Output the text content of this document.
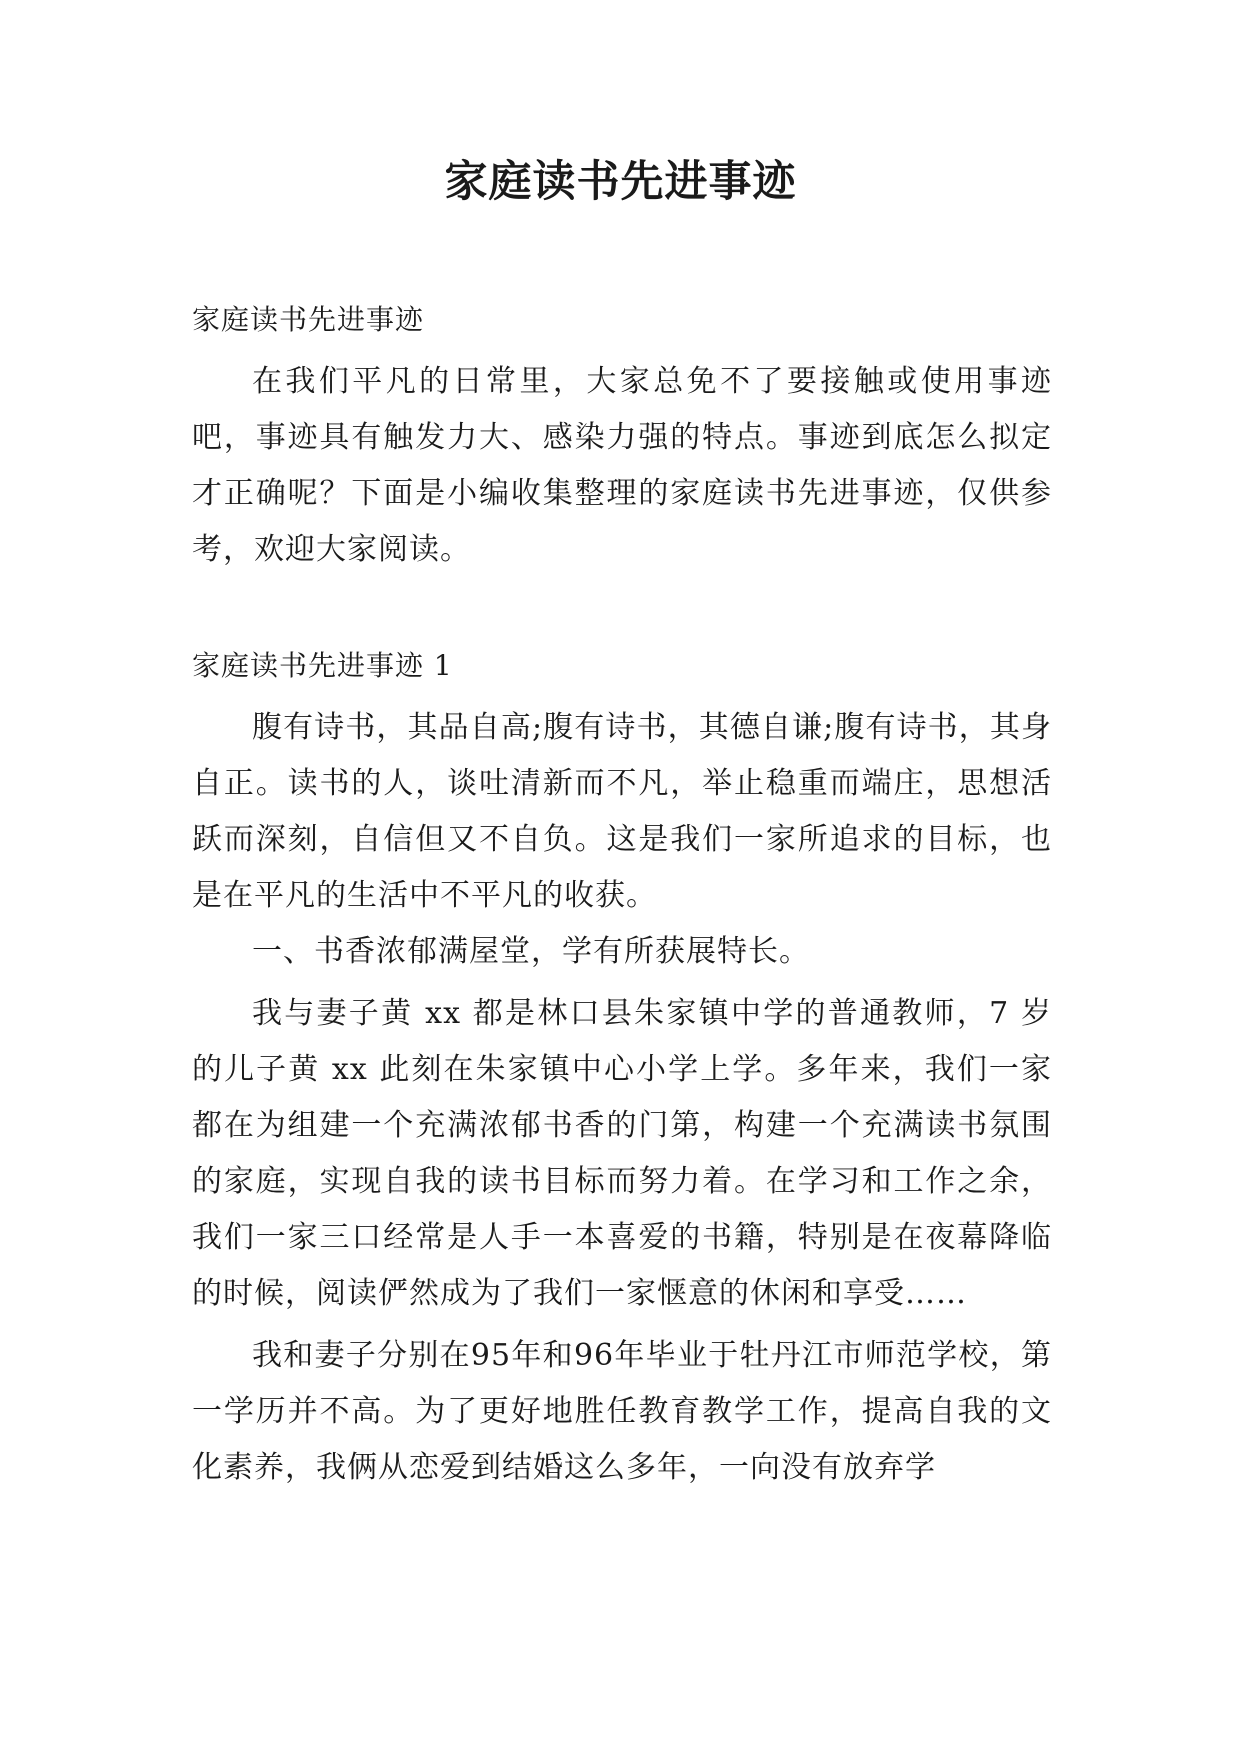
家庭读书先进事迹

家庭读书先进事迹

在我们平凡的日常里，大家总免不了要接触或使用事迹吧，事迹具有触发力大、感染力强的特点。事迹到底怎么拟定才正确呢？下面是小编收集整理的家庭读书先进事迹，仅供参考，欢迎大家阅读。

家庭读书先进事迹 1

腹有诗书，其品自高;腹有诗书，其德自谦;腹有诗书，其身自正。读书的人，谈吐清新而不凡，举止稳重而端庄，思想活跃而深刻，自信但又不自负。这是我们一家所追求的目标，也是在平凡的生活中不平凡的收获。

一、书香浓郁满屋堂，学有所获展特长。

我与妻子黄 xx 都是林口县朱家镇中学的普通教师，7 岁的儿子黄 xx 此刻在朱家镇中心小学上学。多年来，我们一家都在为组建一个充满浓郁书香的门第，构建一个充满读书氛围的家庭，实现自我的读书目标而努力着。在学习和工作之余，我们一家三口经常是人手一本喜爱的书籍，特别是在夜幕降临的时候，阅读俨然成为了我们一家惬意的休闲和享受……

我和妻子分别在95年和96年毕业于牡丹江市师范学校，第一学历并不高。为了更好地胜任教育教学工作，提高自我的文化素养，我俩从恋爱到结婚这么多年，一向没有放弃学
